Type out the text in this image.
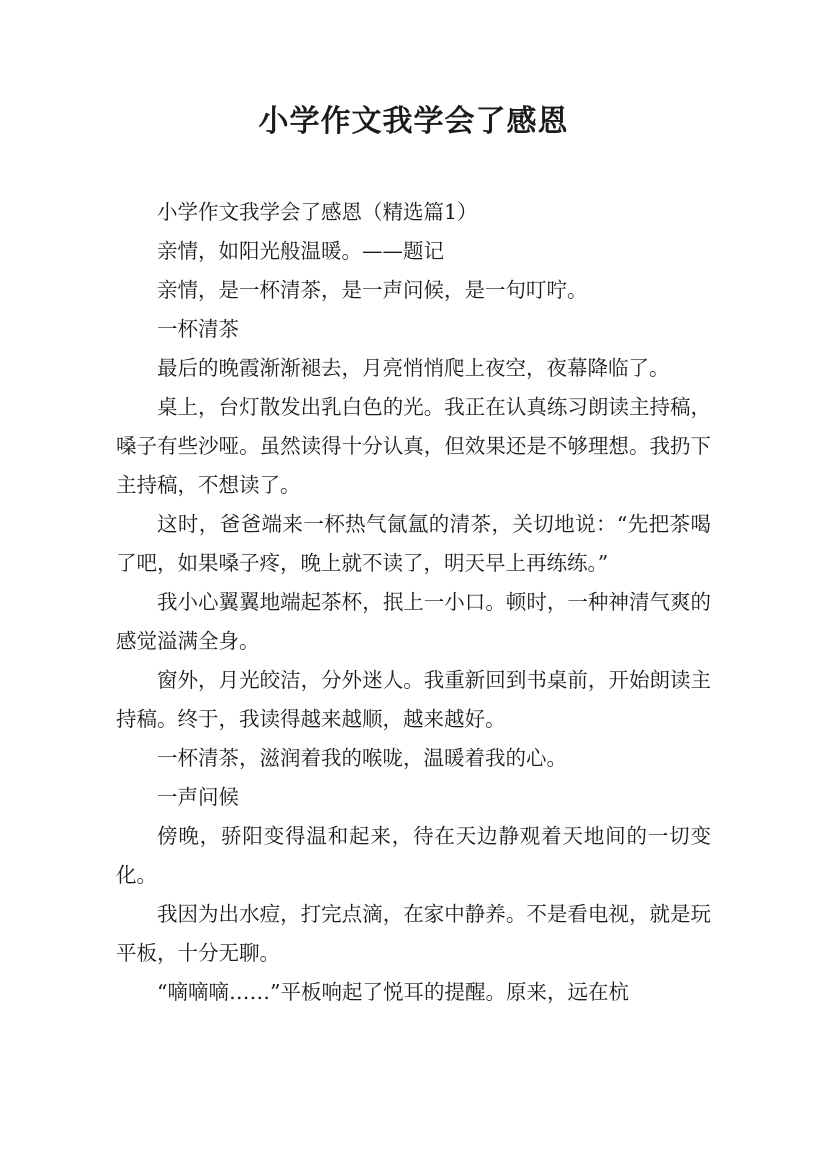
小学作文我学会了感恩

小学作文我学会了感恩（精选篇1）

亲情，如阳光般温暖。——题记

亲情，是一杯清茶，是一声问候，是一句叮咛。

一杯清茶

最后的晚霞渐渐褪去，月亮悄悄爬上夜空，夜幕降临了。

桌上，台灯散发出乳白色的光。我正在认真练习朗读主持稿，嗓子有些沙哑。虽然读得十分认真，但效果还是不够理想。我扔下主持稿，不想读了。

这时，爸爸端来一杯热气氤氲的清茶，关切地说：“先把茶喝了吧，如果嗓子疼，晚上就不读了，明天早上再练练。”

我小心翼翼地端起茶杯，抿上一小口。顿时，一种神清气爽的感觉溢满全身。

窗外，月光皎洁，分外迷人。我重新回到书桌前，开始朗读主持稿。终于，我读得越来越顺，越来越好。

一杯清茶，滋润着我的喉咙，温暖着我的心。

一声问候

傍晚，骄阳变得温和起来，待在天边静观着天地间的一切变化。

我因为出水痘，打完点滴，在家中静养。不是看电视，就是玩平板，十分无聊。

“嘀嘀嘀……”平板响起了悦耳的提醒。原来，远在杭
